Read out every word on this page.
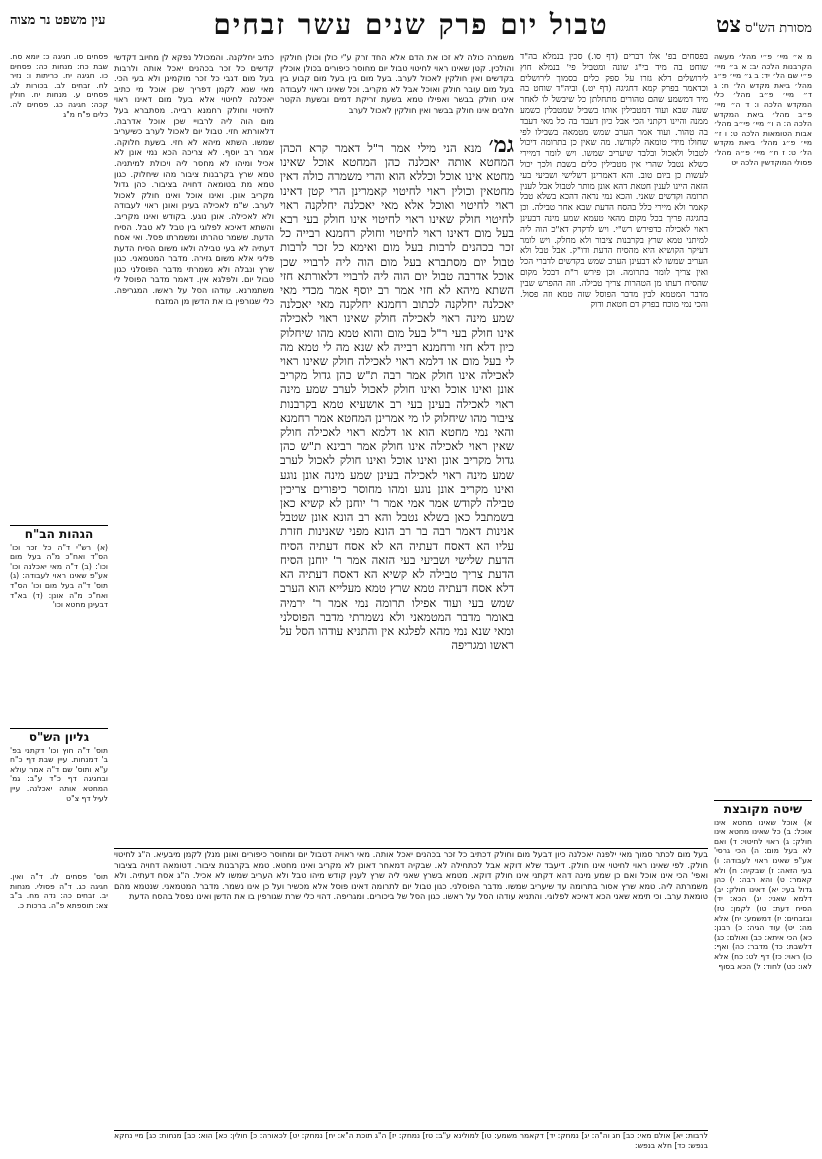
עין משפט נר מצוה	טבול יום פרק שנים עשר זבחים	מסורת הש"ס צט

פסחים סו. חגיגה כ: יומא סח. שבת כח: מנחות כה: פסחים כו. חגיגה יח. כריתות ו: נזיר לח. זבחים לב. בכורות לג. פסחים ע. מנחות יח. חולין קכה: חגיגה כג. פסחים לה. כלים פ"ח מ"ג

הגהות הב"ח

(א) רש"י ד"ה כל זכר וכו' הס"ד ואח"כ מ"ה בעל מום וכו': (ב) ד"ה מאי יאכלנה וכו' אע"פ שאינו ראוי לעבודה: (ג) תוס' ד"ה בעל מום וכו' הס"ד ואח"כ מ"ה אונן: (ד) בא"ד דבעינן מחטא וכו'

גליון הש"ס

תוס' ד"ה חוץ וכו' דקתני בפ' ב' דמנחות. עיין שבת דף כ"ח ע"א ותוס' שם ד"ה אמר עולא ובחגיגה דף כ"ד ע"ב: גמ' המחטא אותה יאכלנה. עיין לעיל דף צ"ט

תוס' פסחים לו. ד"ה ואין. חגיגה כג. ד"ה פסולי. מנחות יב. זבחים כה: נדה מח. ב"ב צא: תוספתא פ"ה. ברכות כ.

כתיב יחלקנה. והמכולל נפקא לן מחיוב דקדשי קדשים כל זכר בכהנים יאכל אותה ולרבות בעל מום דגבי כל זכר מוקמינן ולא בעי הכי. מאי שנא לקמן דפריך שכן אוכל מי כתיב יאכלנה לחיטוי אלא בעל מום דאינו ראוי לחיטוי וחולק רחמנא רבייה. מסתברא בעל מום הוה ליה לרבויי שכן אוכל אדרבה. דלאורתא חזי. טבול יום לאכול לערב כשיעריב שמשו. השתא מיהא לא חזי. בשעת חלוקה. אמר רב יוסף. לא צריכה הכא נמי אונן לא אכיל ומיהו לא מחסר ליה ויכולת למיתניה. טמא שרץ בקרבנות ציבור מהו שיחלוק. כגון טמא מת בטומאה דחויה בציבור. כהן גדול מקריב אונן. ואינו אוכל ואינו חולק לאכול לערב. ש"מ לאכילה בעינן ואונן ראוי לעבודה ולא לאכילה. אונן נוגע. בקודש ואינו מקריב. והשתא דאיכא לפלוגי בין טבל לא טבל. הסיח הדעת. ששמר טהרתו ומשמרתו פסל. ואי אסח דעתיה לא בעי טבילה ולאו משום הסיח הדעת פליגי אלא משום גזירה. מדבר המטמאני. כגון שרץ ונבלה ולא נשמרתי מדבר הפוסלני כגון טבול יום. ולפלגא אין. דאמר מדבר הפוסל לי משתמרנא. עודהו הסל על ראשו. המגריפה. כלי שגורפין בו את הדשן מן המזבח

בפסחים בפ' אלו דברים (דף סו.) סכין בנמלא בה"ד שוחט בה מיד בי"ג שונה ומטביל פי' בנמלא חוץ לירושלים דלא גזרו על ספק כלים בסמוך לירושלים וכדאמר בפרק קמא דחגיגה (דף יט.) וביה"ד שוחט בה מיד דמשמע שהם טהורים מתחלתן כל שיבשל לו לאחר שעה שבא ועוד דמטבילין אותו בשביל שמטבלין כשמע ממנה והיינו דקתני הכי אבל כיון דעבד בה כל מאי דעבד בה טהור. ועוד אמר הערב שמש מטמאה בשבילו לפי שחולו מידי טומאה לקודשו. מה שאין כן בתרומה דיכול לטבול ולאכול ובלבד שיעריב שמשו. ויש לומר דמיירי כשלא נטבל שהרי אין מטבילין כלים בשבת ולכך יכול לעשות כן ביום טוב. והא דאמרינן דשלישי ושביעי בעי הזאה היינו לענין חטאת דהא אונן מותר לטבול אבל לענין תרומה וקדשים שאני. והכא נמי נראה דהכא בשלא טבל קאמר ולא מיירי כלל בהסח הדעת שבא אחר טבילה. וכן בחגיגה פריך בכל מקום מהאי טעמא שמע מינה דבעינן ראוי לאכילה כדפירש רש"י. ויש לדקדק דא"כ הוה ליה למיתני טמא שרץ בקרבנות ציבור ולא מחלק. ויש לומר דעיקר הקושיא היא מהסיח הדעת ודו"ק. אבל טבל ולא העריב שמשו לא דבעינן הערב שמש בקדשים לדברי הכל ואין צריך לומר בתרומה. וכן פירש ר"ת דבכל מקום שהסיח דעתו מן הטהרות צריך טבילה. וזה ההפרש שבין מדבר המטמא לבין מדבר הפוסל שזה טמא וזה פסול. והכי נמי מוכח בפרק דם חטאת ודוק

משמרה כולה לא זכו את הדם אלא החד זרק ע"י כולן וכולן חולקין והולכין. קטן שאינו ראוי לחיטוי טבול יום מחוסר כיפורים בכולן אוכלין בקדשים ואין חולקין לאכול לערב. בעל מום בין בעל מום קבוע בין בעל מום עובר חולק ואוכל אבל לא מקריב. וכל שאינו ראוי לעבודה אינו חולק בבשר ואפילו טמא בשעת זריקת דמים ובשעת הקטר חלבים אינו חולק בבשר ואין חולקין לאכול לערב

גמ׳ מנא הני מילי אמר ר"ל דאמר קרא הכהן המחטא אותה יאכלנה כהן המחטא אוכל שאינו מחטא אינו אוכל וכללא הוא והרי משמרה כולה דאין מחטאין וכולין ראוי לחיטוי קאמרינן הרי קטן דאינו ראוי לחיטוי ואוכל אלא מאי יאכלנה יחלקנה ראוי לחיטוי חולק שאינו ראוי לחיטוי אינו חולק בעי רבא בעל מום דאינו ראוי לחיטוי וחולק רחמנא רבייה כל זכר בכהנים לרבות בעל מום ואימא כל זכר לרבות טבול יום מסתברא בעל מום הוה ליה לרבויי שכן אוכל אדרבה טבול יום הוה ליה לרבויי דלאורתא חזי השתא מיהא לא חזי אמר רב יוסף אמר מכדי מאי יאכלנה יחלקנה לכתוב רחמנא יחלקנה מאי יאכלנה שמע מינה ראוי לאכילה חולק שאינו ראוי לאכילה אינו חולק בעי ר"ל בעל מום והוא טמא מהו שיחלוק כיון דלא חזי ורחמנא רבייה לא שנא מה לי טמא מה לי בעל מום או דלמא ראוי לאכילה חולק שאינו ראוי לאכילה אינו חולק אמר רבה ת"ש כהן גדול מקריב אונן ואינו אוכל ואינו חולק לאכול לערב שמע מינה ראוי לאכילה בעינן בעי רב אושעיא טמא בקרבנות ציבור מהו שיחלוק לו מי אמרינן המחטא אמר רחמנא והאי נמי מחטא הוא או דלמא ראוי לאכילה חולק שאין ראוי לאכילה אינו חולק אמר רבינא ת"ש כהן גדול מקריב אונן ואינו אוכל ואינו חולק לאכול לערב שמע מינה ראוי לאכילה בעינן שמע מינה אונן נוגע ואינו מקריב אונן נוגע ומהו מחוסר כיפורים צריכין טבילה לקודש אמר אמי אמר ר' יוחנן לא קשיא כאן בשמתבל כאן בשלא נטבל והא רב הונא אונן שטבל אנינות דאמר רבה בר רב הונא מפני שאנינות חזרת עליו הא דאסח דעתיה הא לא אסח דעתיה הסיח הדעת שלישי ושביעי בעי הזאה אמר ר' יוחנן הסיח הדעת צריך טבילה לא קשיא הא דאסח דעתיה הא דלא אסח דעתיה טמא שרץ טמא מעלייא הוא הערב שמש בעי ועוד אפילו תרומה נמי אמר ר' ירמיה באומר מדבר המטמאני ולא נשמרתי מדבר הפוסלני ומאי שנא נמי מהא לפלגא אין והתניא עודהו הסל על ראשו ומגריפה

מ א״ מיי׳ פ״י מהל׳ מעשה הקרבנות הלכה יב: א ב״ מיי׳ פ״י שם הל׳ יד: ב ג״ מיי׳ פ״ג מהל׳ ביאת מקדש הל׳ ח: ג ד״ מיי׳ פ״ב מהל׳ כלי המקדש הלכה ו: ד ה״ מיי׳ פ״ב מהל׳ ביאת המקדש הלכה ה: ה ו״ מיי׳ פי״ב מהל׳ אבות הטומאות הלכה ט: ו ז״ מיי׳ פ״ג מהל׳ ביאת מקדש הל׳ ט: ז ח״ מיי׳ פ״ה מהל׳ פסולי המוקדשין הלכה יט

שיטה מקובצת

א) אוכל שאינו מחטא אינו אוכל: ב) כל שאינו מחטא אינו חולק: ג) ראוי לחיטוי: ד) ואם לא בעל מום: ה) הכי גרסי' אע"פ שאינו ראוי לעבודה: ו) בעי הזאה: ז) שבקיה: ח) ולא קאמר: ט) והא רבה: י) כהן גדול בעי: יא) דאינו חולק: יב) דלמא שאני: יג) הכא: יד) הסיח דעת: טו) לקמן: טז) ובזבחים: יז) דמשמע: יח) אלא מה: יט) עוד הגיה: כ) רבנן: כא) הכי איתא: כב) ואולם: כג) דלשבת: כד) מדבר: כה) ואף: כו) ראוי: כז) דף לט: כח) אלא לאו: כט) לחוד: ל) הכא בסוף

בעל מום לכתר סמוך מאי ילפנה יאכלנה כיון דבעל מום וחולק דכתיב כל זכר בכהנים יאכל אותה. מאי ראויה דטבול יום ומחוסר כיפורים ואונן מנלן לקמן מיבעיא. ה"ג לחיטוי חולק. לפי שאינו ראוי לחיטוי אינו חולק. דיעבד שלא דוקא אבל לכתחילה לא. שבקיה דמאחר דאונן לא מקריב ואינו מחטא. טמא בקרבנות ציבור. דטומאה דחויה בציבור ואפי' הכי אינו אוכל ואם כן שמע מינה דהא דקתני אינו חולק דוקא. מטמא בשרץ שאני ליה שרץ לענין קודש מיהו טבל ולא העריב שמשו לא אכיל. ה"ג אסח דעתיה. ולא משמרתה ליה. טמא שרץ אסור בתרומה עד שיעריב שמשו. מדבר הפוסלני. כגון טבול יום לתרומה דאינו פוסל אלא מכשיר ועל כן אינו נשמר. מדבר המטמאני. שנטמא מהם טומאת ערב. וכי תימא שאני הכא דאיכא לפלוגי. והתניא עודהו הסל על ראשו. כגון הסל של ביכורים. ומגריפה. דהוי כלי שרת שגורפין בו את הדשן ואינו נפסל בהסח הדעת

לרבות: יא] אולם מאי: כב] חג וה"ה: יג] נמחק: יד] דקאמר משמע: טו] למולינא ע"ב: טז] נמחק: יז] ה"ג תוכת ה"א: יח] נמחק: יט] לכאורה: כ] חולין: כא] הוא: כב] מנחות: כג] מיי נחקא בנפש: כד] חלא בנפש:
